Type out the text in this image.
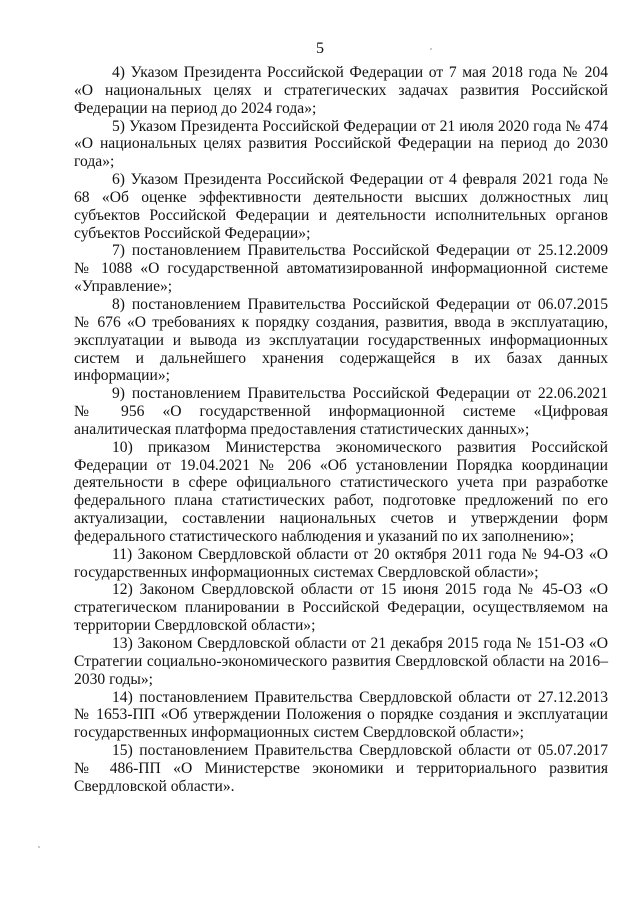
5

4) Указом Президента Российской Федерации от 7 мая 2018 года № 204 «О национальных целях и стратегических задачах развития Российской Федерации на период до 2024 года»;

5) Указом Президента Российской Федерации от 21 июля 2020 года № 474 «О национальных целях развития Российской Федерации на период до 2030 года»;

6) Указом Президента Российской Федерации от 4 февраля 2021 года № 68 «Об оценке эффективности деятельности высших должностных лиц субъектов Российской Федерации и деятельности исполнительных органов субъектов Российской Федерации»;

7) постановлением Правительства Российской Федерации от 25.12.2009 № 1088 «О государственной автоматизированной информационной системе «Управление»;

8) постановлением Правительства Российской Федерации от 06.07.2015 № 676 «О требованиях к порядку создания, развития, ввода в эксплуатацию, эксплуатации и вывода из эксплуатации государственных информационных систем и дальнейшего хранения содержащейся в их базах данных информации»;

9) постановлением Правительства Российской Федерации от 22.06.2021 № 956 «О государственной информационной системе «Цифровая аналитическая платформа предоставления статистических данных»;

10) приказом Министерства экономического развития Российской Федерации от 19.04.2021 № 206 «Об установлении Порядка координации деятельности в сфере официального статистического учета при разработке федерального плана статистических работ, подготовке предложений по его актуализации, составлении национальных счетов и утверждении форм федерального статистического наблюдения и указаний по их заполнению»;

11) Законом Свердловской области от 20 октября 2011 года № 94-ОЗ «О государственных информационных системах Свердловской области»;

12) Законом Свердловской области от 15 июня 2015 года № 45-ОЗ «О стратегическом планировании в Российской Федерации, осуществляемом на территории Свердловской области»;

13) Законом Свердловской области от 21 декабря 2015 года № 151-ОЗ «О Стратегии социально-экономического развития Свердловской области на 2016–2030 годы»;

14) постановлением Правительства Свердловской области от 27.12.2013 № 1653-ПП «Об утверждении Положения о порядке создания и эксплуатации государственных информационных систем Свердловской области»;

15) постановлением Правительства Свердловской области от 05.07.2017 № 486-ПП «О Министерстве экономики и территориального развития Свердловской области».
